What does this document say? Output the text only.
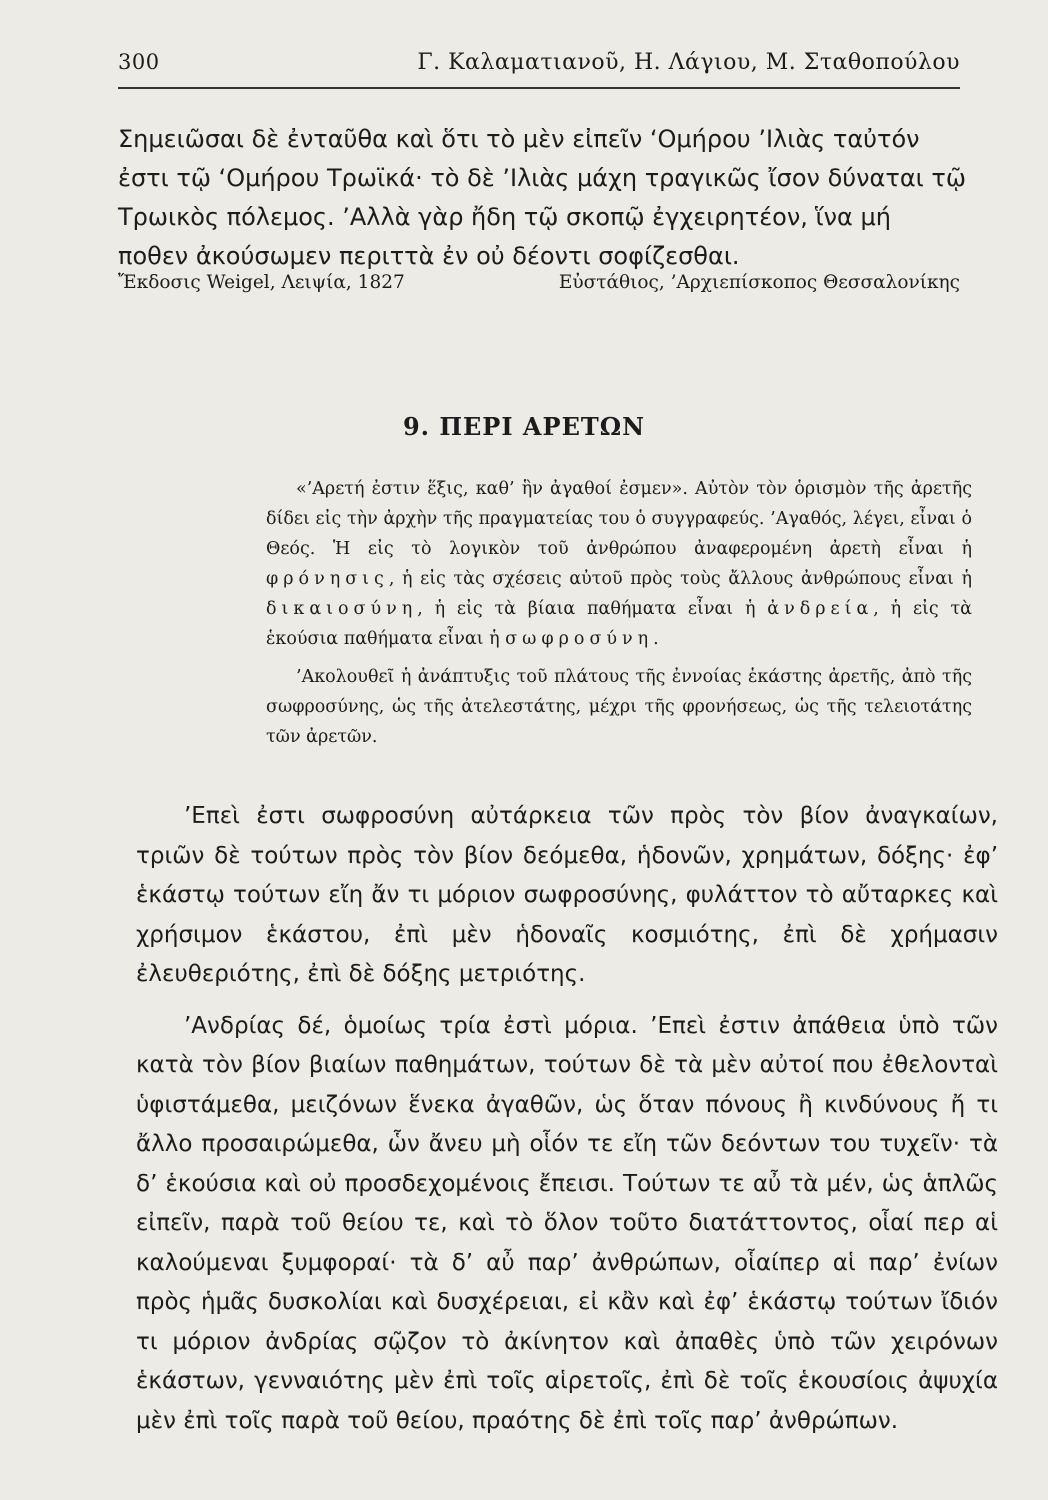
300	Γ. Καλαματιανοῦ, Η. Λάγιου, Μ. Σταθοπούλου

Σημειῶσαι δὲ ἐνταῦθα καὶ ὅτι τὸ μὲν εἰπεῖν ‘Ομήρου ’Ιλιὰς ταὐτόν ἐστι τῷ ‘Ομήρου Τρωϊκά· τὸ δὲ ’Ιλιὰς μάχη τραγικῶς ἴσον δύναται τῷ Τρωικὸς πόλεμος. ’Αλλὰ γὰρ ἤδη τῷ σκοπῷ ἐγχειρητέον, ἵνα μή ποθεν ἀκούσωμεν περιττὰ ἐν οὐ δέοντι σοφίζεσθαι.

Ἔκδοσις Weigel, Λειψία, 1827	Εὐστάθιος, ’Αρχιεπίσκοπος Θεσσαλονίκης
9. ΠΕΡΙ ΑΡΕΤΩΝ

«’Αρετή ἐστιν ἕξις, καθ’ ἣν ἀγαθοί ἐσμεν». Αὐτὸν τὸν ὁρισμὸν τῆς ἀρετῆς δίδει εἰς τὴν ἀρχὴν τῆς πραγματείας του ὁ συγγραφεύς. ’Αγαθός, λέγει, εἶναι ὁ Θεός. Ἡ εἰς τὸ λογικὸν τοῦ ἀνθρώπου ἀναφερομένη ἀρετὴ εἶναι ἡ φρόνησις, ἡ εἰς τὰς σχέσεις αὐτοῦ πρὸς τοὺς ἄλλους ἀνθρώπους εἶναι ἡ δικαιοσύνη, ἡ εἰς τὰ βίαια παθήματα εἶναι ἡ ἀνδρεία, ἡ εἰς τὰ ἑκούσια παθήματα εἶναι ἡ σωφροσύνη.

’Ακολουθεῖ ἡ ἀνάπτυξις τοῦ πλάτους τῆς ἐννοίας ἑκάστης ἀρετῆς, ἀπὸ τῆς σωφροσύνης, ὡς τῆς ἀτελεστάτης, μέχρι τῆς φρονήσεως, ὡς τῆς τελειοτάτης τῶν ἀρετῶν.

’Επεὶ ἐστι σωφροσύνη αὐτάρκεια τῶν πρὸς τὸν βίον ἀναγκαίων, τριῶν δὲ τούτων πρὸς τὸν βίον δεόμεθα, ἡδονῶν, χρημάτων, δόξης· ἐφ’ ἑκάστῳ τούτων εἴη ἄν τι μόριον σωφροσύνης, φυλάττον τὸ αὔταρκες καὶ χρήσιμον ἑκάστου, ἐπὶ μὲν ἡδοναῖς κοσμιότης, ἐπὶ δὲ χρήμασιν ἐλευθεριότης, ἐπὶ δὲ δόξης μετριότης.

’Ανδρίας δέ, ὁμοίως τρία ἐστὶ μόρια. ’Επεὶ ἐστιν ἀπάθεια ὑπὸ τῶν κατὰ τὸν βίον βιαίων παθημάτων, τούτων δὲ τὰ μὲν αὐτοί που ἐθελονταὶ ὑφιστάμεθα, μειζόνων ἕνεκα ἀγαθῶν, ὡς ὅταν πόνους ἢ κινδύνους ἤ τι ἄλλο προσαιρώμεθα, ὧν ἄνευ μὴ οἷόν τε εἴη τῶν δεόντων του τυχεῖν· τὰ δ’ ἑκούσια καὶ οὐ προσδεχομένοις ἔπεισι. Τούτων τε αὖ τὰ μέν, ὡς ἁπλῶς εἰπεῖν, παρὰ τοῦ θείου τε, καὶ τὸ ὅλον τοῦτο διατάττοντος, οἷαί περ αἱ καλούμεναι ξυμφοραί· τὰ δ’ αὖ παρ’ ἀνθρώπων, οἷαίπερ αἱ παρ’ ἐνίων πρὸς ἡμᾶς δυσκολίαι καὶ δυσχέρειαι, εἰ κἂν καὶ ἐφ’ ἑκάστῳ τούτων ἴδιόν τι μόριον ἀνδρίας σῷζον τὸ ἀκίνητον καὶ ἀπαθὲς ὑπὸ τῶν χειρόνων ἑκάστων, γενναιότης μὲν ἐπὶ τοῖς αἱρετοῖς, ἐπὶ δὲ τοῖς ἑκουσίοις ἀψυχία μὲν ἐπὶ τοῖς παρὰ τοῦ θείου, πραότης δὲ ἐπὶ τοῖς παρ’ ἀνθρώπων.
